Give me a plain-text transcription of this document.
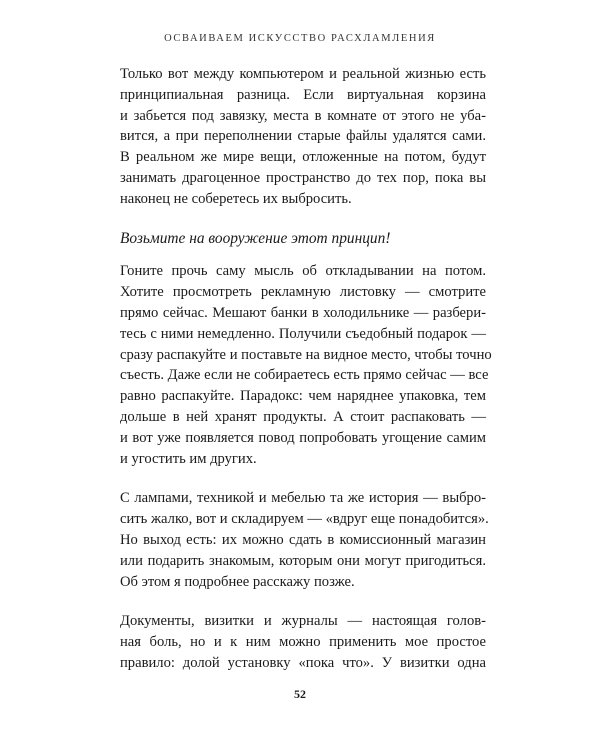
ОСВАИВАЕМ ИСКУССТВО РАСХЛАМЛЕНИЯ
Только вот между компьютером и реальной жизнью есть
принципиальная разница. Если виртуальная корзина
и забьется под завязку, места в комнате от этого не уба-
вится, а при переполнении старые файлы удалятся сами.
В реальном же мире вещи, отложенные на потом, будут
занимать драгоценное пространство до тех пор, пока вы
наконец не соберетесь их выбросить.
Возьмите на вооружение этот принцип!
Гоните прочь саму мысль об откладывании на потом.
Хотите просмотреть рекламную листовку — смотрите
прямо сейчас. Мешают банки в холодильнике — разбери-
тесь с ними немедленно. Получили съедобный подарок —
сразу распакуйте и поставьте на видное место, чтобы точно
съесть. Даже если не собираетесь есть прямо сейчас — все
равно распакуйте. Парадокс: чем наряднее упаковка, тем
дольше в ней хранят продукты. А стоит распаковать —
и вот уже появляется повод попробовать угощение самим
и угостить им других.
С лампами, техникой и мебелью та же история — выбро-
сить жалко, вот и складируем — «вдруг еще понадобится».
Но выход есть: их можно сдать в комиссионный магазин
или подарить знакомым, которым они могут пригодиться.
Об этом я подробнее расскажу позже.
Документы, визитки и журналы — настоящая голов-
ная боль, но и к ним можно применить мое простое
правило: долой установку «пока что». У визитки одна
52
